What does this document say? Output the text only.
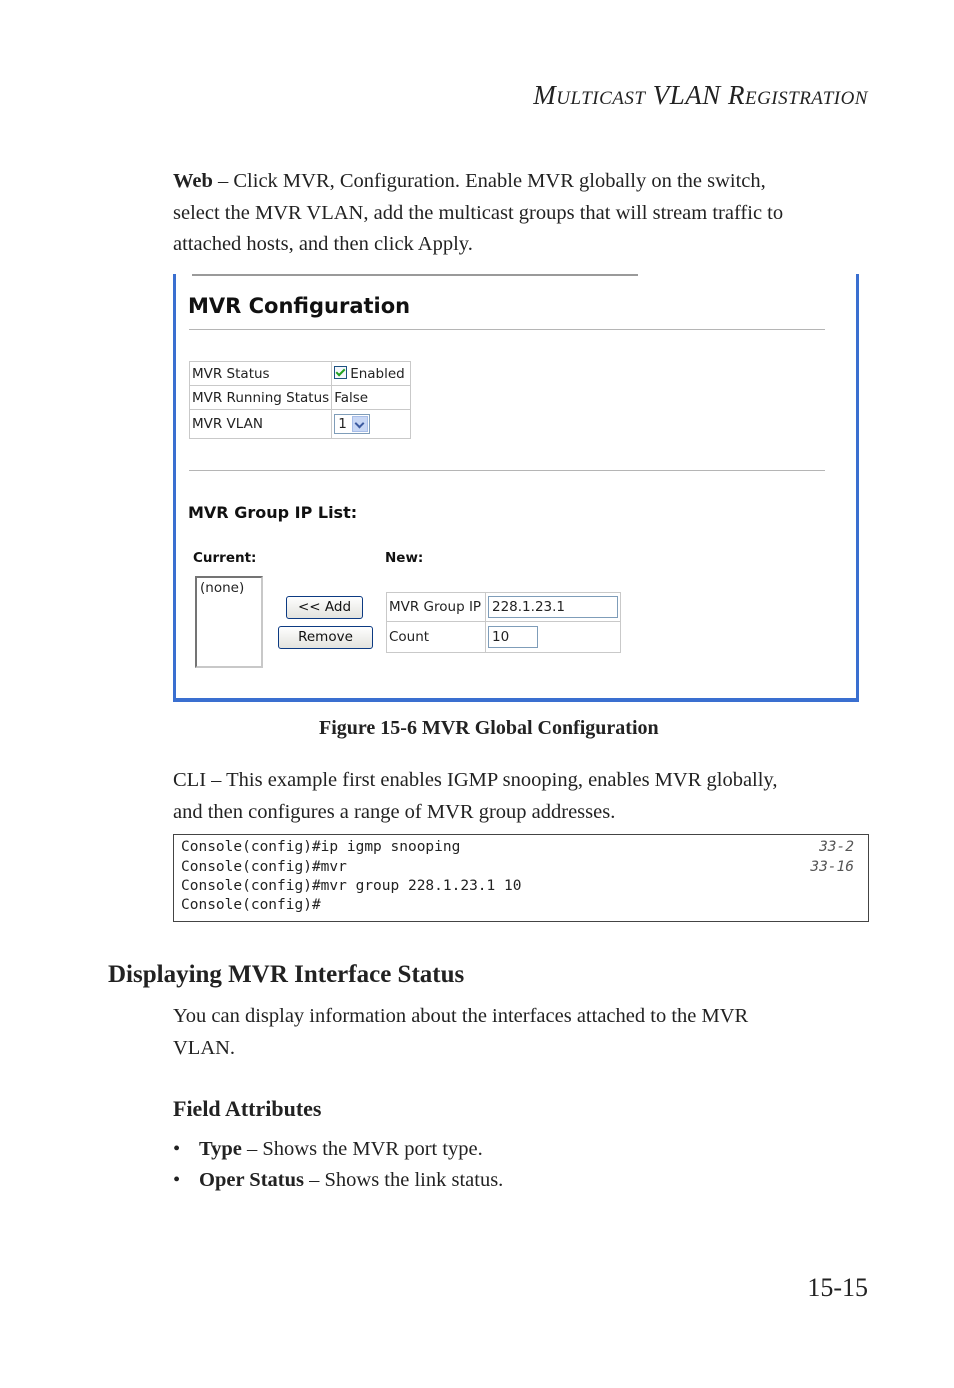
MULTICAST VLAN REGISTRATION
Web – Click MVR, Configuration. Enable MVR globally on the switch,
select the MVR VLAN, add the multicast groups that will stream traffic to
attached hosts, and then click Apply.
MVR Configuration
MVR Status	Enabled
MVR Running Status	False
MVR VLAN	1
MVR Group IP List:
Current:	New:
(none)
<< Add
Remove
MVR Group IP	228.1.23.1
Count	10
Figure 15-6 MVR Global Configuration
CLI – This example first enables IGMP snooping, enables MVR globally,
and then configures a range of MVR group addresses.
Console(config)#ip igmp snooping	33-2
Console(config)#mvr	33-16
Console(config)#mvr group 228.1.23.1 10
Console(config)#
Displaying MVR Interface Status
You can display information about the interfaces attached to the MVR
VLAN.
Field Attributes
• Type – Shows the MVR port type.
• Oper Status – Shows the link status.
15-15
